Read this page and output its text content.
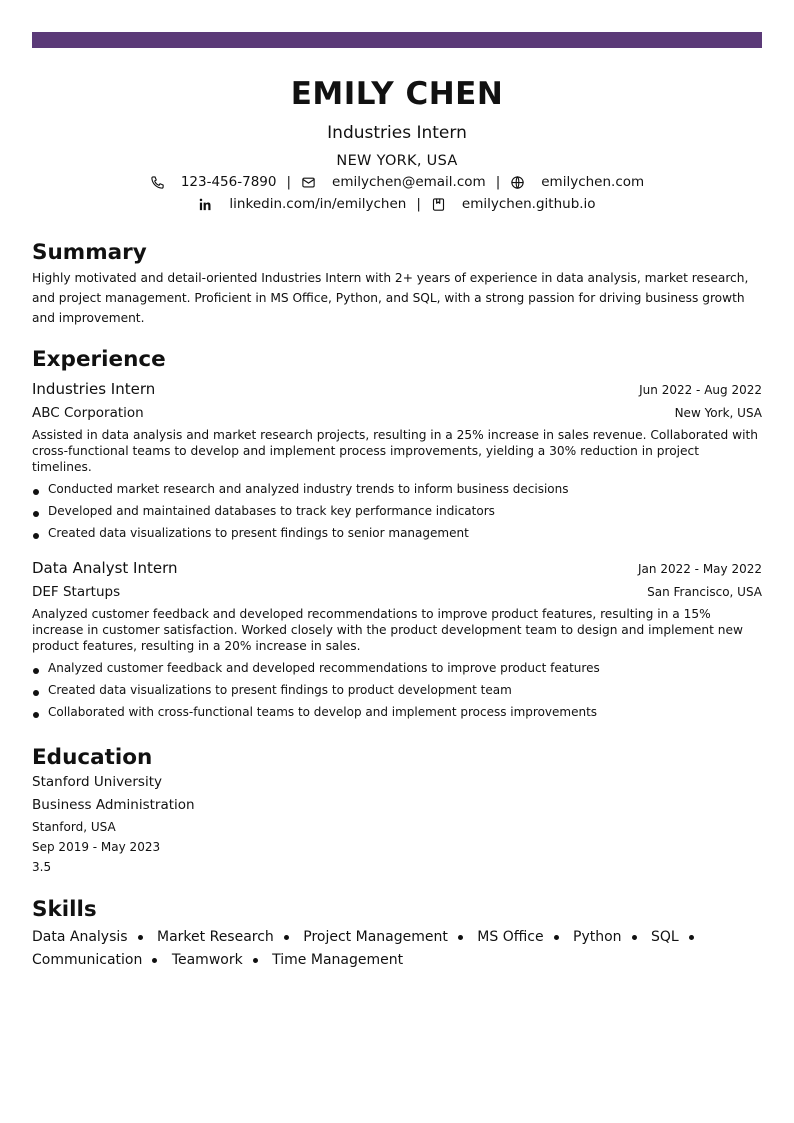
EMILY CHEN
Industries Intern
NEW YORK, USA
123-456-7890 |	emilychen@email.com |	emilychen.com
linkedin.com/in/emilychen |	emilychen.github.io
Summary
Highly motivated and detail-oriented Industries Intern with 2+ years of experience in data analysis, market research, and project management. Proficient in MS Office, Python, and SQL, with a strong passion for driving business growth and improvement.
Experience
Industries Intern	Jun 2022 - Aug 2022
ABC Corporation	New York, USA
Assisted in data analysis and market research projects, resulting in a 25% increase in sales revenue. Collaborated with cross-functional teams to develop and implement process improvements, yielding a 30% reduction in project timelines.
Conducted market research and analyzed industry trends to inform business decisions
Developed and maintained databases to track key performance indicators
Created data visualizations to present findings to senior management
Data Analyst Intern	Jan 2022 - May 2022
DEF Startups	San Francisco, USA
Analyzed customer feedback and developed recommendations to improve product features, resulting in a 15% increase in customer satisfaction. Worked closely with the product development team to design and implement new product features, resulting in a 20% increase in sales.
Analyzed customer feedback and developed recommendations to improve product features
Created data visualizations to present findings to product development team
Collaborated with cross-functional teams to develop and implement process improvements
Education
Stanford University
Business Administration
Stanford, USA
Sep 2019 - May 2023
3.5
Skills
Data Analysis Market Research Project Management MS Office Python SQL Communication Teamwork Time Management
